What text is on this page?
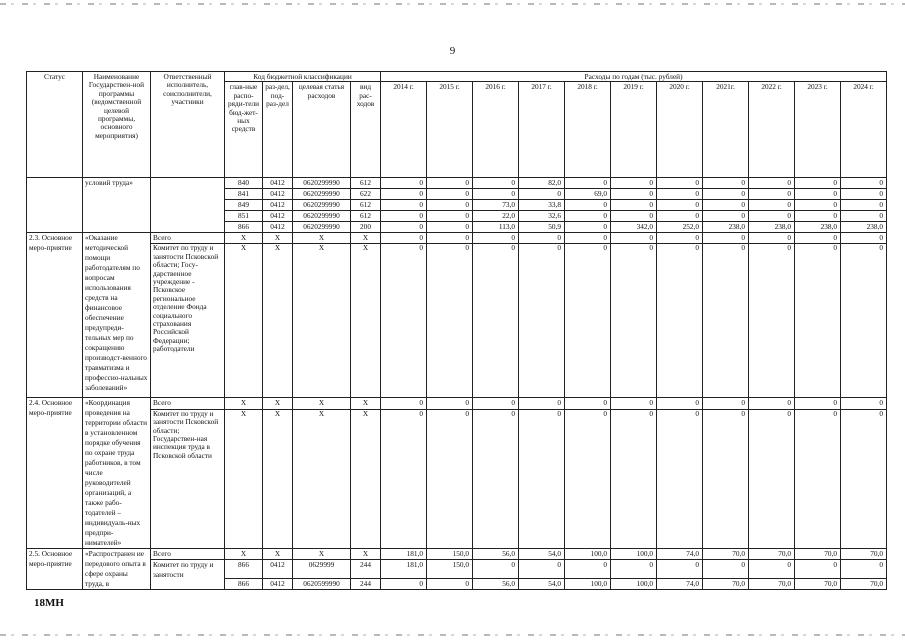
9
Статус	Наименование Государствен-ной программы (ведомственной целевой программы, основного мероприятия)	Ответственный исполнитель, соисполнители, участники	Код бюджетной классификации				Расходы по годам (тыс. рублей)										
			глав-ные распо-ряди-тели бюд-жет-ных средств	раз-дел, под-раз-дел	целевая статья расходов	вид рас-ходов	2014 г.	2015 г.	2016 г.	2017 г.	2018 г.	2019 г.	2020 г.	2021г.	2022 г.	2023 г.	2024 г.
	условий труда»		840	0412	0620299990	612	0	0	0	82,0	0	0	0	0	0	0	0
			841	0412	0620299990	622	0	0	0	0	69,0	0	0	0	0	0	0
			849	0412	0620299990	612	0	0	73,0	33,8	0	0	0	0	0	0	0
			851	0412	0620299990	612	0	0	22,0	32,6	0	0	0	0	0	0	0
			866	0412	0620299990	200	0	0	113,0	50,9	0	342,0	252,0	238,0	238,0	238,0	238,0
2.3. Основное меро-приятие	«Оказание методической помощи работодателям по вопросам использования средств на финансовое обеспечение предупреди-тельных мер по сокращению производст-венного травматизма и профессио-нальных заболеваний»	Всего	X	X	X	X	0	0	0	0	0	0	0	0	0	0	0
		Комитет по труду и занятости Псковской области; Госу-дарственное учреждение - Псковское региональное отделение Фонда социального страхования Российской Федерации; работодатели	X	X	X	X	0	0	0	0	0	0	0	0	0	0	0
2.4. Основное меро-приятие	«Координация проведения на территории области в установленном порядке обучения по охране труда работников, в том числе руководителей организаций, а также рабо-тодателей – индивидуаль-ных предпри-нимателей»	Всего	X	X	X	X	0	0	0	0	0	0	0	0	0	0	0
		Комитет по труду и занятости Псковской области; Государствен-ная инспекция труда в Псковской области	X	X	X	X	0	0	0	0	0	0	0	0	0	0	0
2.5. Основное меро-приятие	«Распространен ие передового опыта в сфере охраны труда, в	Всего	X	X	X	X	181,0	150,0	56,0	54,0	100,0	100,0	74,0	70,0	70,0	70,0	70,0
		Комитет по труду и занятости	866	0412	0629999	244	181,0	150,0	0	0	0	0	0	0	0	0	0
			866	0412	0620599990	244	0	0	56,0	54,0	100,0	100,0	74,0	70,0	70,0	70,0	70,0
18МН
